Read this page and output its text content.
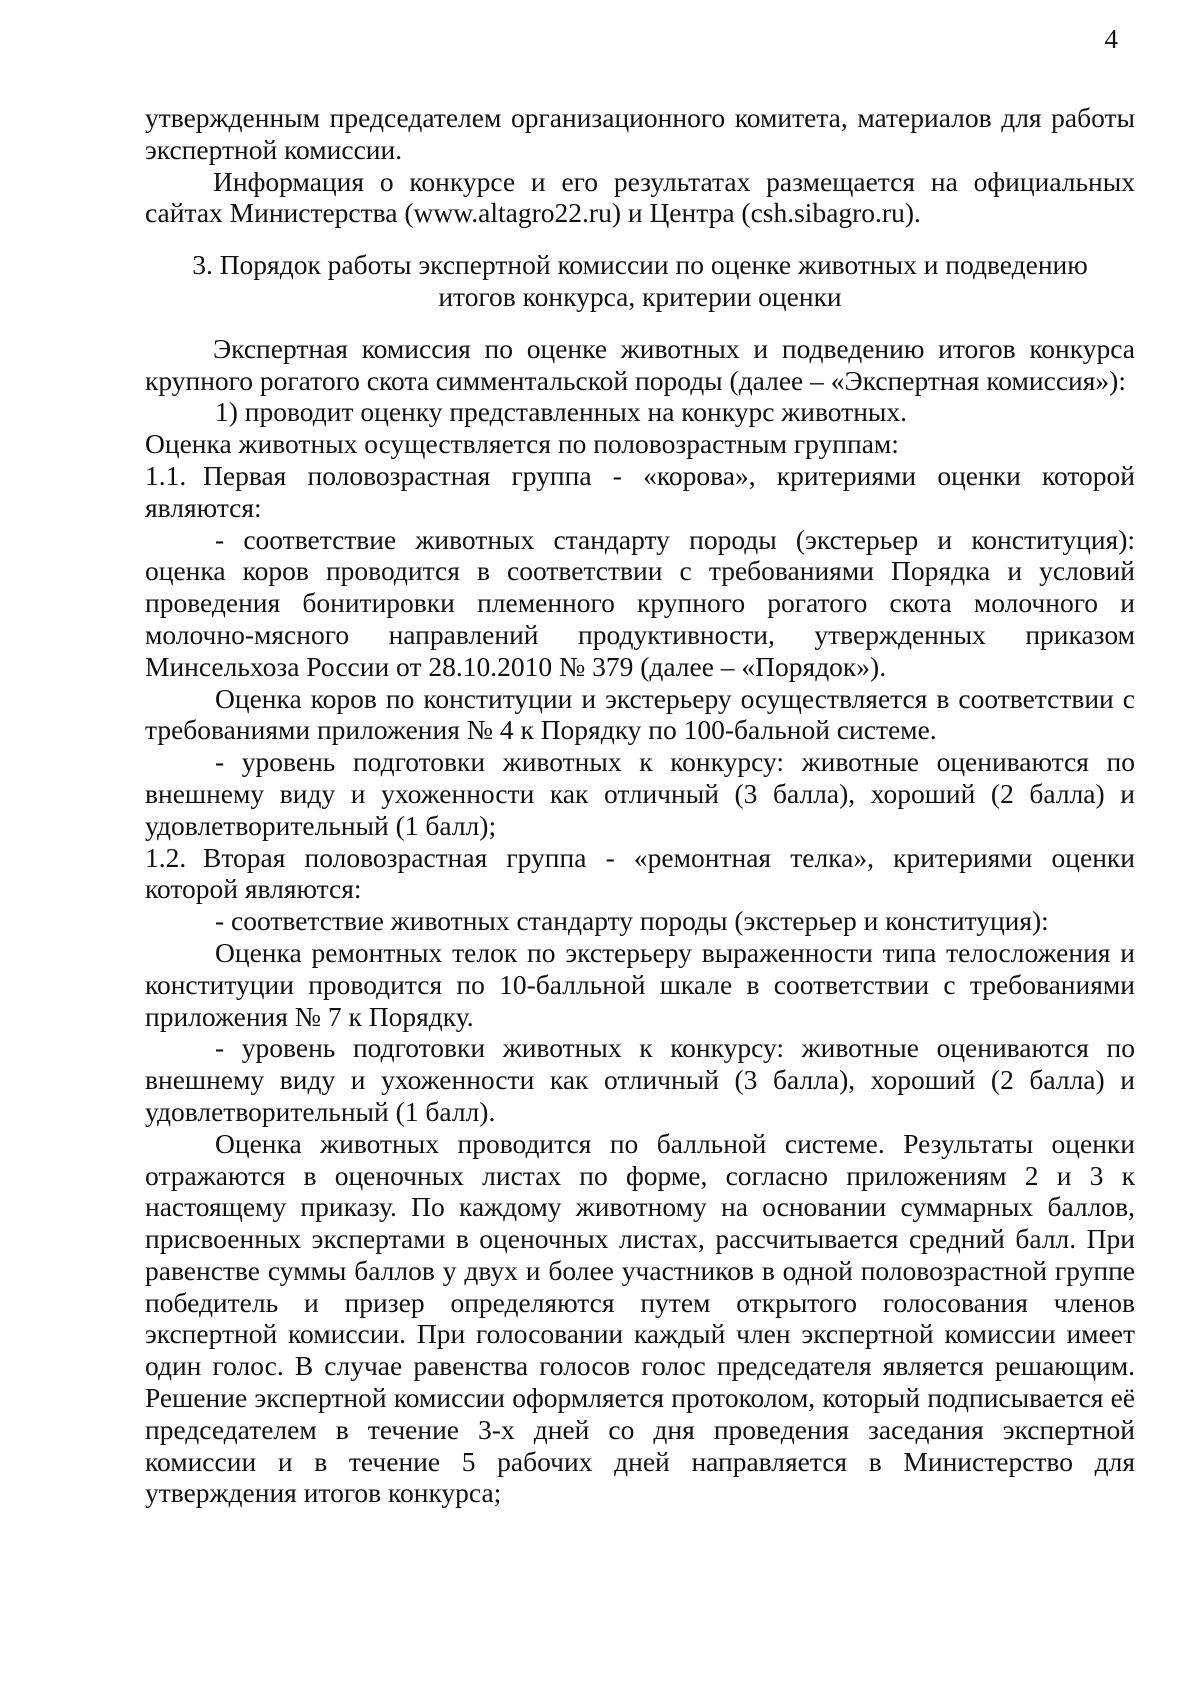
4

утвержденным председателем организационного комитета, материалов для работы экспертной комиссии.

Информация о конкурсе и его результатах размещается на официальных сайтах Министерства (www.altagro22.ru) и Центра (csh.sibagro.ru).

3. Порядок работы экспертной комиссии по оценке животных и подведению итогов конкурса, критерии оценки

Экспертная комиссия по оценке животных и подведению итогов конкурса крупного рогатого скота симментальской породы (далее – «Экспертная комиссия»):

1) проводит оценку представленных на конкурс животных.

Оценка животных осуществляется по половозрастным группам:

1.1. Первая половозрастная группа - «корова», критериями оценки которой являются:

- соответствие животных стандарту породы (экстерьер и конституция): оценка коров проводится в соответствии с требованиями Порядка и условий проведения бонитировки племенного крупного рогатого скота молочного и молочно-мясного направлений продуктивности, утвержденных приказом Минсельхоза России от 28.10.2010 № 379 (далее – «Порядок»).

Оценка коров по конституции и экстерьеру осуществляется в соответствии с требованиями приложения № 4 к Порядку по 100-бальной системе.

- уровень подготовки животных к конкурсу: животные оцениваются по внешнему виду и ухоженности как отличный (3 балла), хороший (2 балла) и удовлетворительный (1 балл);

1.2. Вторая половозрастная группа - «ремонтная телка», критериями оценки которой являются:

- соответствие животных стандарту породы (экстерьер и конституция):

Оценка ремонтных телок по экстерьеру выраженности типа телосложения и конституции проводится по 10-балльной шкале в соответствии с требованиями приложения № 7 к Порядку.

- уровень подготовки животных к конкурсу: животные оцениваются по внешнему виду и ухоженности как отличный (3 балла), хороший (2 балла) и удовлетворительный (1 балл).

Оценка животных проводится по балльной системе. Результаты оценки отражаются в оценочных листах по форме, согласно приложениям 2 и 3 к настоящему приказу. По каждому животному на основании суммарных баллов, присвоенных экспертами в оценочных листах, рассчитывается средний балл. При равенстве суммы баллов у двух и более участников в одной половозрастной группе победитель и призер определяются путем открытого голосования членов экспертной комиссии. При голосовании каждый член экспертной комиссии имеет один голос. В случае равенства голосов голос председателя является решающим. Решение экспертной комиссии оформляется протоколом, который подписывается её председателем в течение 3-х дней со дня проведения заседания экспертной комиссии и в течение 5 рабочих дней направляется в Министерство для утверждения итогов конкурса;
